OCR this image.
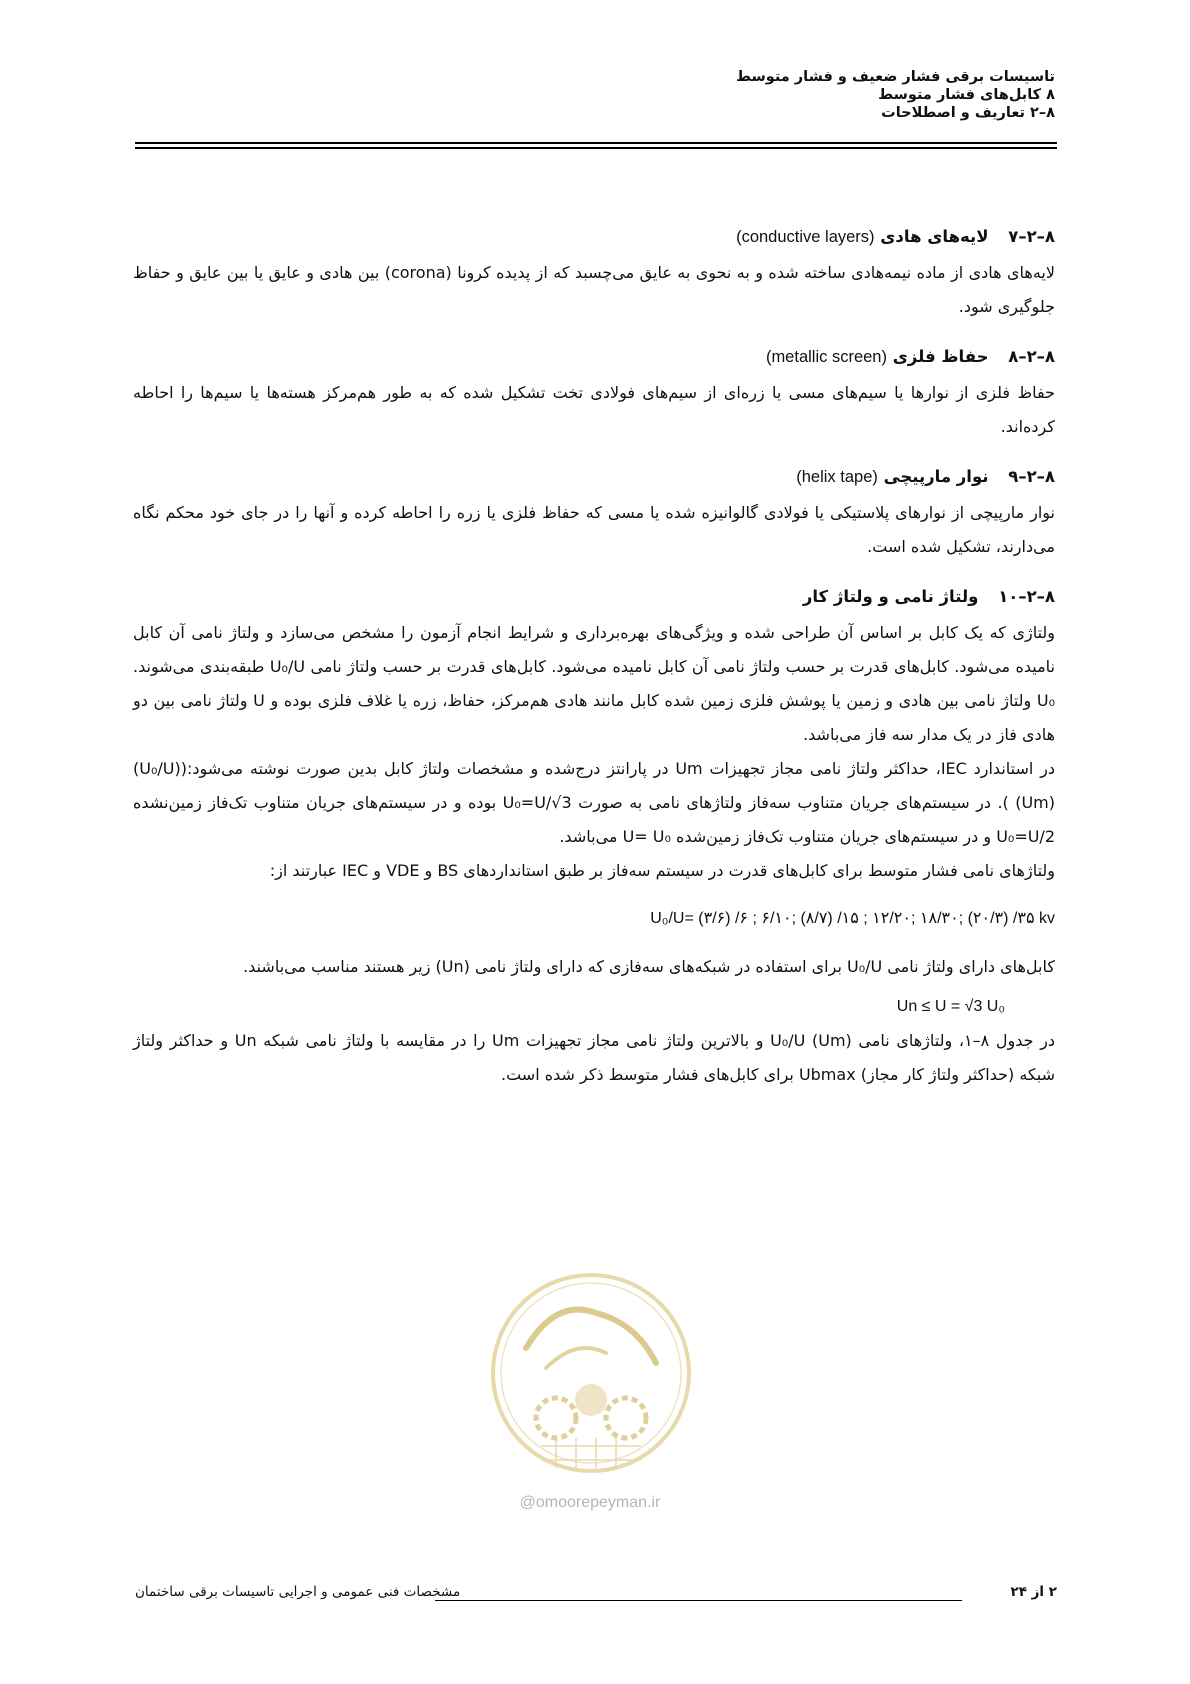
تاسیسات برقی فشار ضعیف و فشار متوسط
۸ کابل‌های فشار متوسط
۸–۲ تعاریف و اصطلاحات
۸–۲–۷ لایه‌های هادی (conductive layers)

لایه‌های هادی از ماده نیمه‌هادی ساخته شده و به نحوی به عایق می‌چسبد که از پدیده کرونا (corona) بین هادی و عایق یا بین عایق و حفاظ جلوگیری شود.

۸–۲–۸ حفاظ فلزی (metallic screen)

حفاظ فلزی از نوارها یا سیم‌های مسی یا زره‌ای از سیم‌های فولادی تخت تشکیل شده که به طور هم‌مرکز هسته‌ها یا سیم‌ها را احاطه کرده‌اند.

۸–۲–۹ نوار مارپیچی (helix tape)

نوار مارپیچی از نوارهای پلاستیکی یا فولادی گالوانیزه شده یا مسی که حفاظ فلزی یا زره را احاطه کرده و آنها را در جای خود محکم نگاه می‌دارند، تشکیل شده است.

۸–۲–۱۰ ولتاژ نامی و ولتاژ کار

ولتاژی که یک کابل بر اساس آن طراحی شده و ویژگی‌های بهره‌برداری و شرایط انجام آزمون را مشخص می‌سازد و ولتاژ نامی آن کابل نامیده می‌شود. کابل‌های قدرت بر حسب ولتاژ نامی آن کابل نامیده می‌شود. کابل‌های قدرت بر حسب ولتاژ نامی U₀/U طبقه‌بندی می‌شوند. U₀ ولتاژ نامی بین هادی و زمین یا پوشش فلزی زمین شده کابل مانند هادی هم‌مرکز، حفاظ، زره یا غلاف فلزی بوده و U ولتاژ نامی بین دو هادی فاز در یک مدار سه فاز می‌باشد.

در استاندارد IEC، حداکثر ولتاژ نامی مجاز تجهیزات Um در پارانتز درج‌شده و مشخصات ولتاژ کابل بدین صورت نوشته می‌شود:((U₀/U)(Um) ). در سیستم‌های جریان متناوب سه‌فاز ولتاژهای نامی به صورت U₀=U/√3 بوده و در سیستم‌های جریان متناوب تک‌فاز زمین‌نشده U₀=U/2 و در سیستم‌های جریان متناوب تک‌فاز زمین‌شده U= U₀ می‌باشد.

ولتاژهای نامی فشار متوسط برای کابل‌های قدرت در سیستم سه‌فاز بر طبق استانداردهای BS و VDE و IEC عبارتند از:

U₀/U= (۳/۶) /۶ ; ۶/۱۰; (۸/۷) /۱۵ ; ۱۲/۲۰; ۱۸/۳۰; (۲۰/۳) /۳۵ kv

کابل‌های دارای ولتاژ نامی U₀/U برای استفاده در شبکه‌های سه‌فازی که دارای ولتاژ نامی (Un) زیر هستند مناسب می‌باشند.

Un ≤ U = √3 U₀

در جدول ۸–۱، ولتاژهای نامی (Um) U₀/U و بالاترین ولتاژ نامی مجاز تجهیزات Um را در مقایسه با ولتاژ نامی شبکه Un و حداکثر ولتاژ شبکه (حداکثر ولتاژ کار مجاز) Ubmax برای کابل‌های فشار متوسط ذکر شده است.

@omoorepeyman.ir
۲ از ۲۴
مشخصات فنی عمومی و اجرایی تاسیسات برقی ساختمان
